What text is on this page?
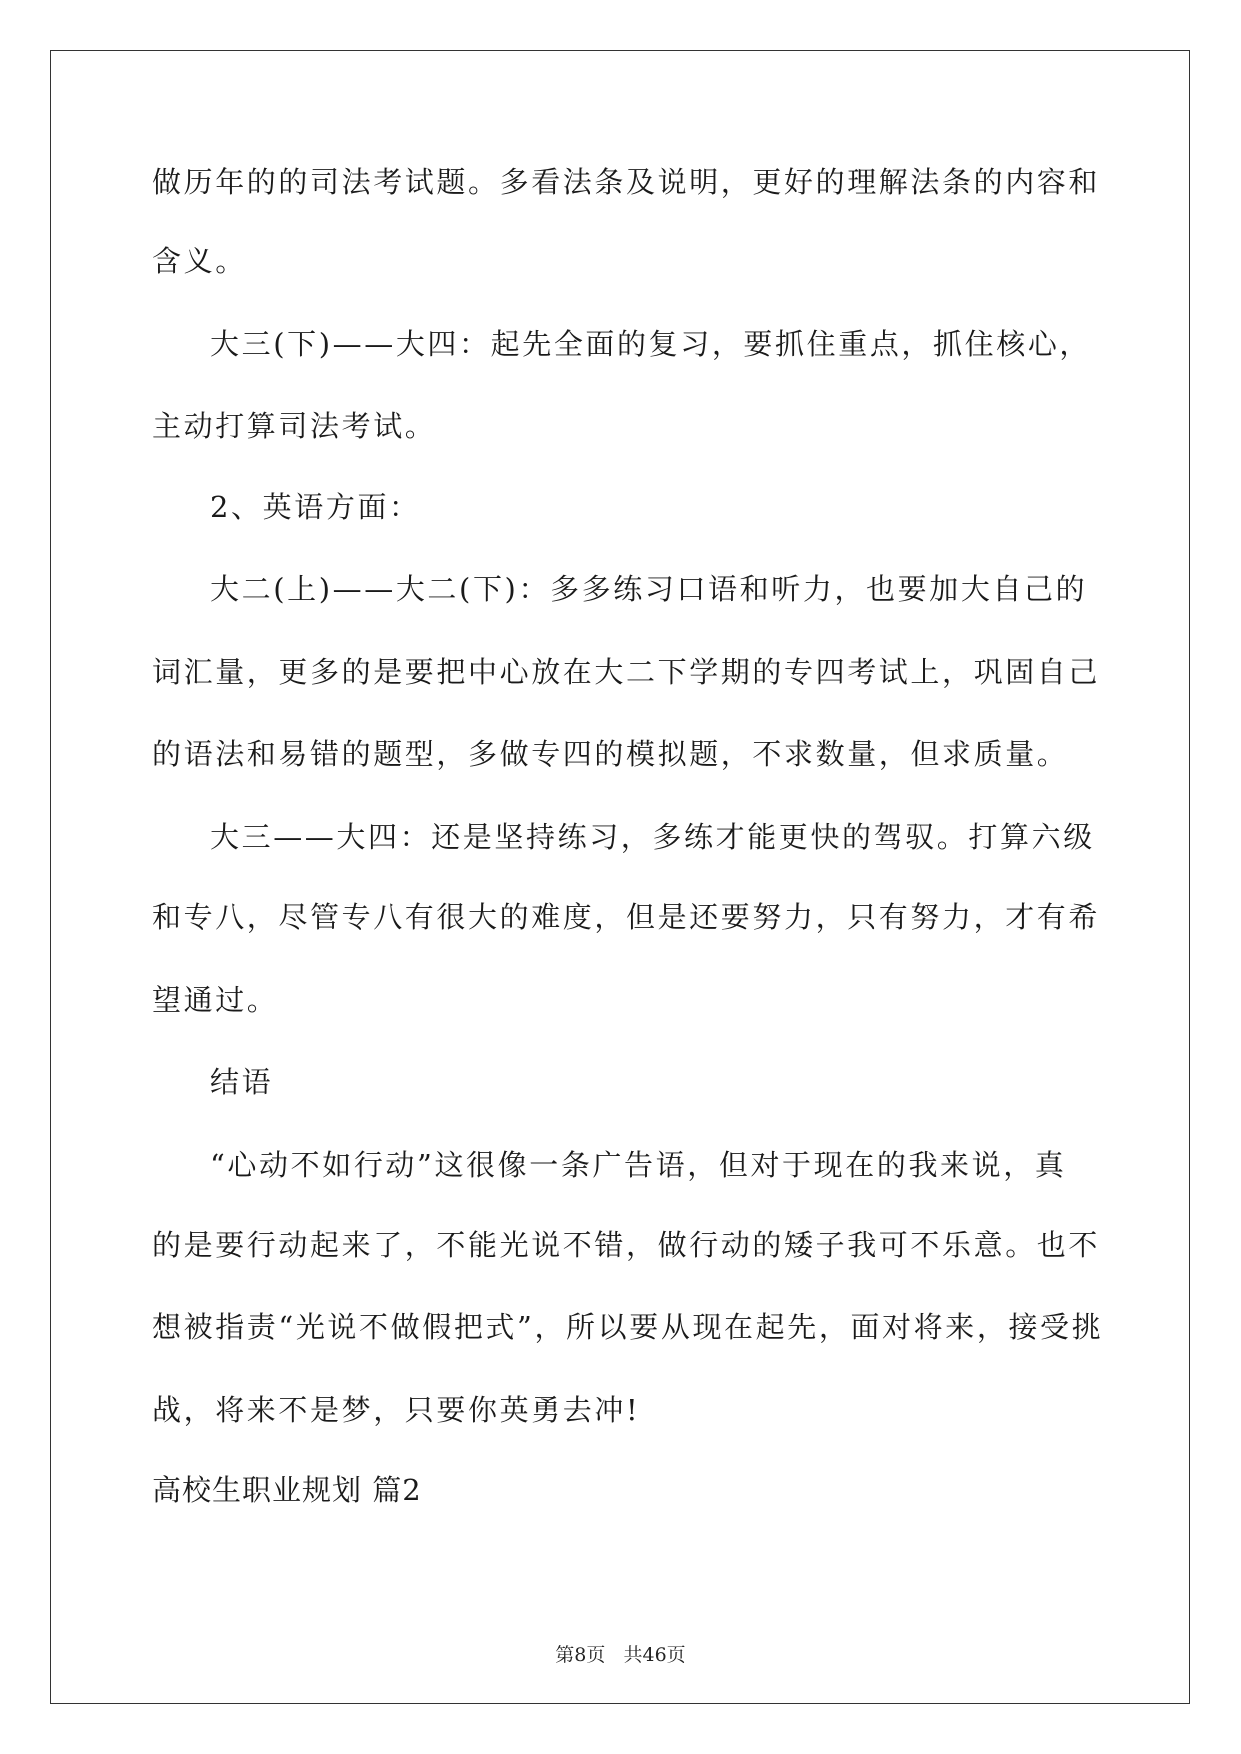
做历年的的司法考试题。多看法条及说明，更好的理解法条的内容和
含义。
大三(下)——大四：起先全面的复习，要抓住重点，抓住核心，
主动打算司法考试。
2、英语方面：
大二(上)——大二(下)：多多练习口语和听力，也要加大自己的
词汇量，更多的是要把中心放在大二下学期的专四考试上，巩固自己
的语法和易错的题型，多做专四的模拟题，不求数量，但求质量。
大三——大四：还是坚持练习，多练才能更快的驾驭。打算六级
和专八，尽管专八有很大的难度，但是还要努力，只有努力，才有希
望通过。
结语
“心动不如行动”这很像一条广告语，但对于现在的我来说，真
的是要行动起来了，不能光说不错，做行动的矮子我可不乐意。也不
想被指责“光说不做假把式”，所以要从现在起先，面对将来，接受挑
战，将来不是梦，只要你英勇去冲!
高校生职业规划 篇2
第8页   共46页
